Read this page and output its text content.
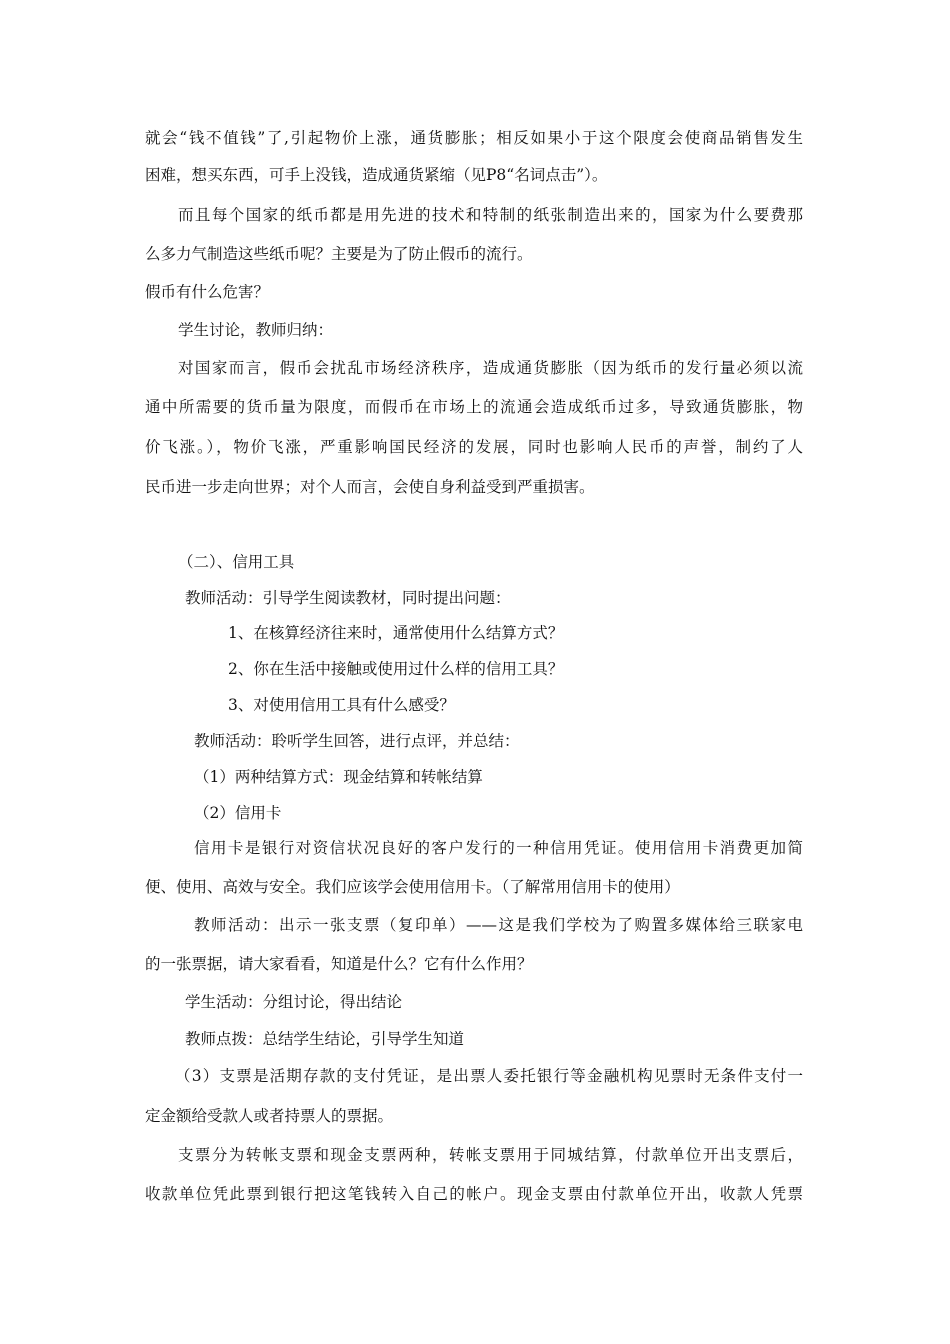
就会“钱不值钱”了,引起物价上涨，通货膨胀；相反如果小于这个限度会使商品销售发生
困难，想买东西，可手上没钱，造成通货紧缩（见P8“名词点击”）。
而且每个国家的纸币都是用先进的技术和特制的纸张制造出来的，国家为什么要费那
么多力气制造这些纸币呢？主要是为了防止假币的流行。
假币有什么危害？
学生讨论，教师归纳：
对国家而言，假币会扰乱市场经济秩序，造成通货膨胀（因为纸币的发行量必须以流
通中所需要的货币量为限度，而假币在市场上的流通会造成纸币过多，导致通货膨胀，物
价飞涨。），物价飞涨，严重影响国民经济的发展，同时也影响人民币的声誉，制约了人
民币进一步走向世界；对个人而言，会使自身利益受到严重损害。
（二）、信用工具
教师活动：引导学生阅读教材，同时提出问题：
1、在核算经济往来时，通常使用什么结算方式？
2、你在生活中接触或使用过什么样的信用工具？
3、对使用信用工具有什么感受？
教师活动：聆听学生回答，进行点评，并总结：
（1）两种结算方式：现金结算和转帐结算
（2）信用卡
信用卡是银行对资信状况良好的客户发行的一种信用凭证。使用信用卡消费更加简
便、使用、高效与安全。我们应该学会使用信用卡。（了解常用信用卡的使用）
教师活动：出示一张支票（复印单）——这是我们学校为了购置多媒体给三联家电
的一张票据，请大家看看，知道是什么？它有什么作用？
学生活动：分组讨论，得出结论
教师点拨：总结学生结论，引导学生知道
（3）支票是活期存款的支付凭证，是出票人委托银行等金融机构见票时无条件支付一
定金额给受款人或者持票人的票据。
支票分为转帐支票和现金支票两种，转帐支票用于同城结算，付款单位开出支票后，
收款单位凭此票到银行把这笔钱转入自己的帐户。现金支票由付款单位开出，收款人凭票
